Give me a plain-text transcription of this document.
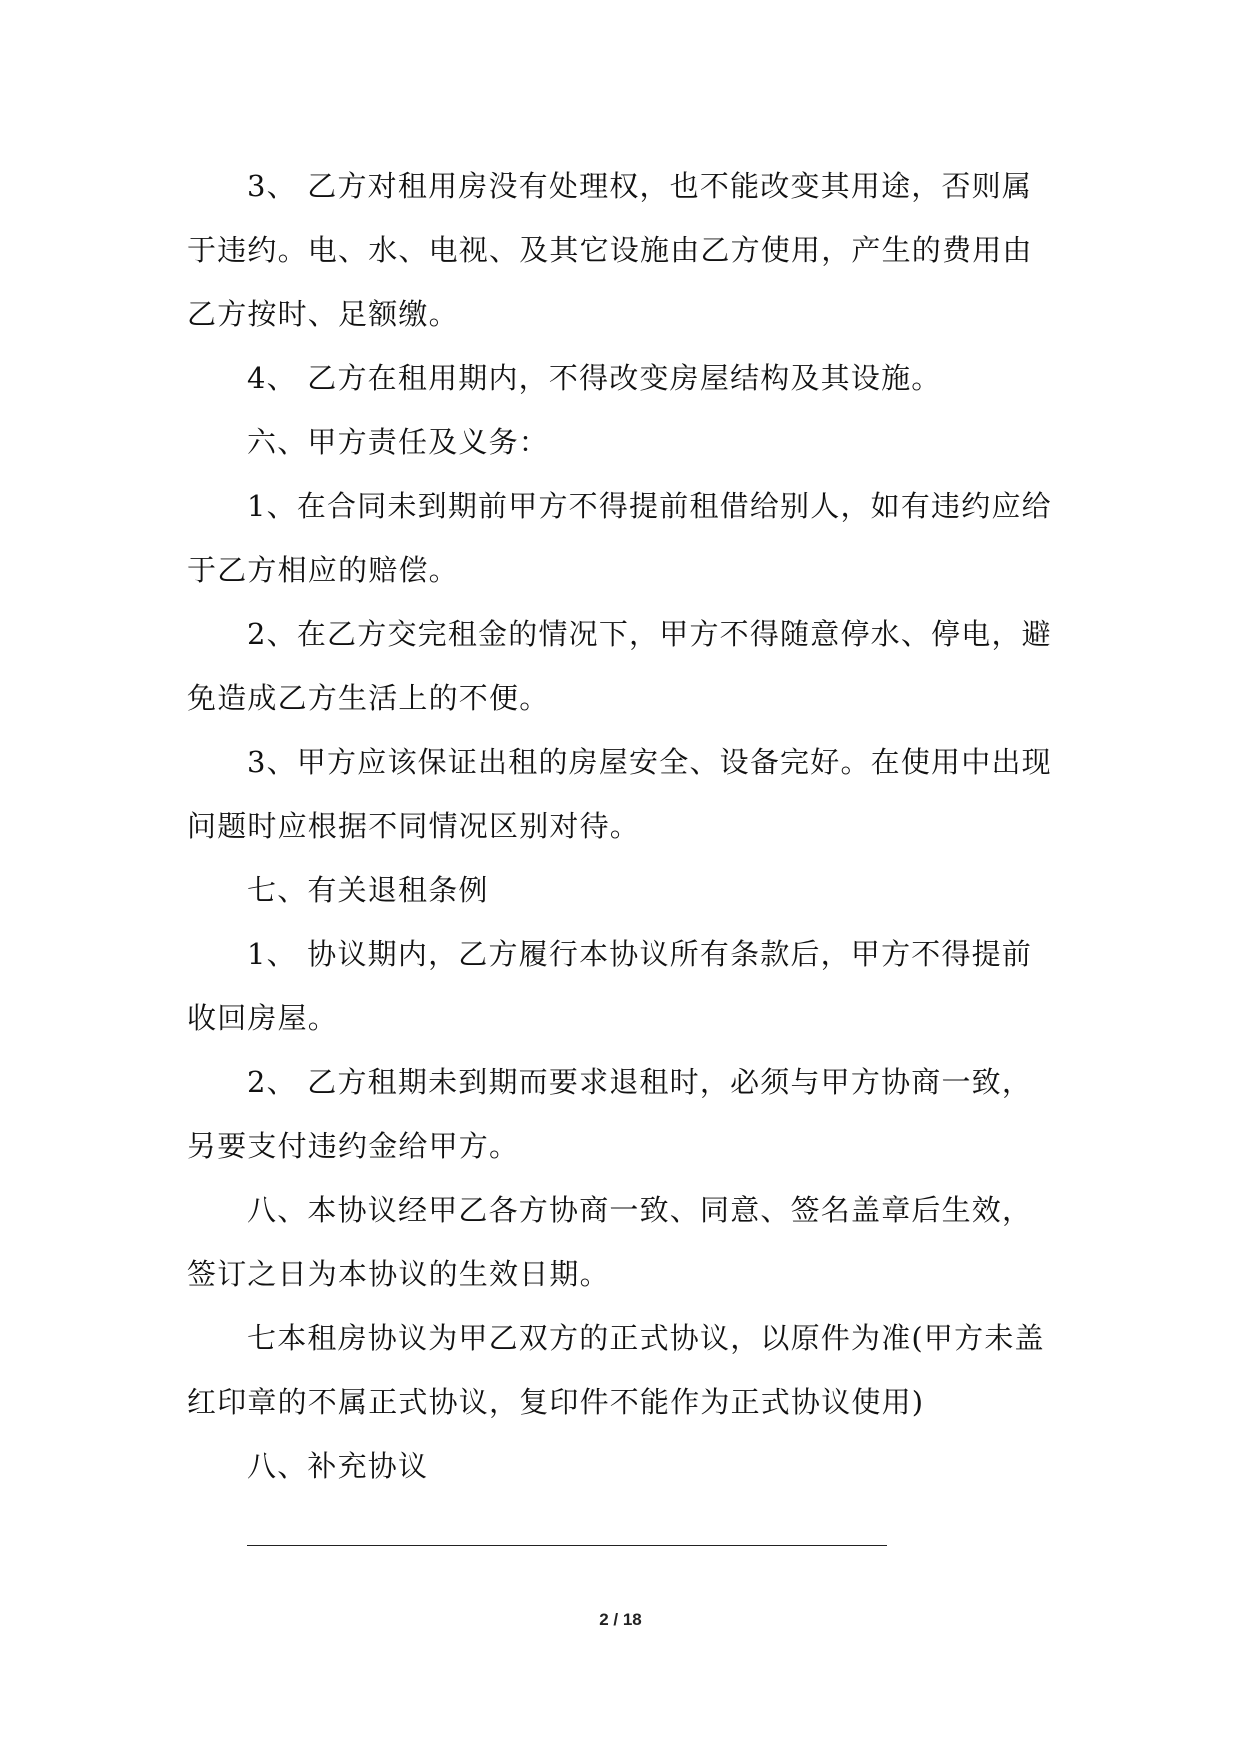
3、 乙方对租用房没有处理权，也不能改变其用途，否则属于违约。电、水、电视、及其它设施由乙方使用，产生的费用由乙方按时、足额缴。

4、 乙方在租用期内，不得改变房屋结构及其设施。

六、甲方责任及义务：

1、在合同未到期前甲方不得提前租借给别人，如有违约应给于乙方相应的赔偿。

2、在乙方交完租金的情况下，甲方不得随意停水、停电，避免造成乙方生活上的不便。

3、甲方应该保证出租的房屋安全、设备完好。在使用中出现问题时应根据不同情况区别对待。

七、有关退租条例

1、 协议期内，乙方履行本协议所有条款后，甲方不得提前收回房屋。

2、 乙方租期未到期而要求退租时，必须与甲方协商一致，另要支付违约金给甲方。

八、本协议经甲乙各方协商一致、同意、签名盖章后生效，签订之日为本协议的生效日期。

七本租房协议为甲乙双方的正式协议，以原件为准(甲方未盖红印章的不属正式协议，复印件不能作为正式协议使用)

八、补充协议

2 / 18
